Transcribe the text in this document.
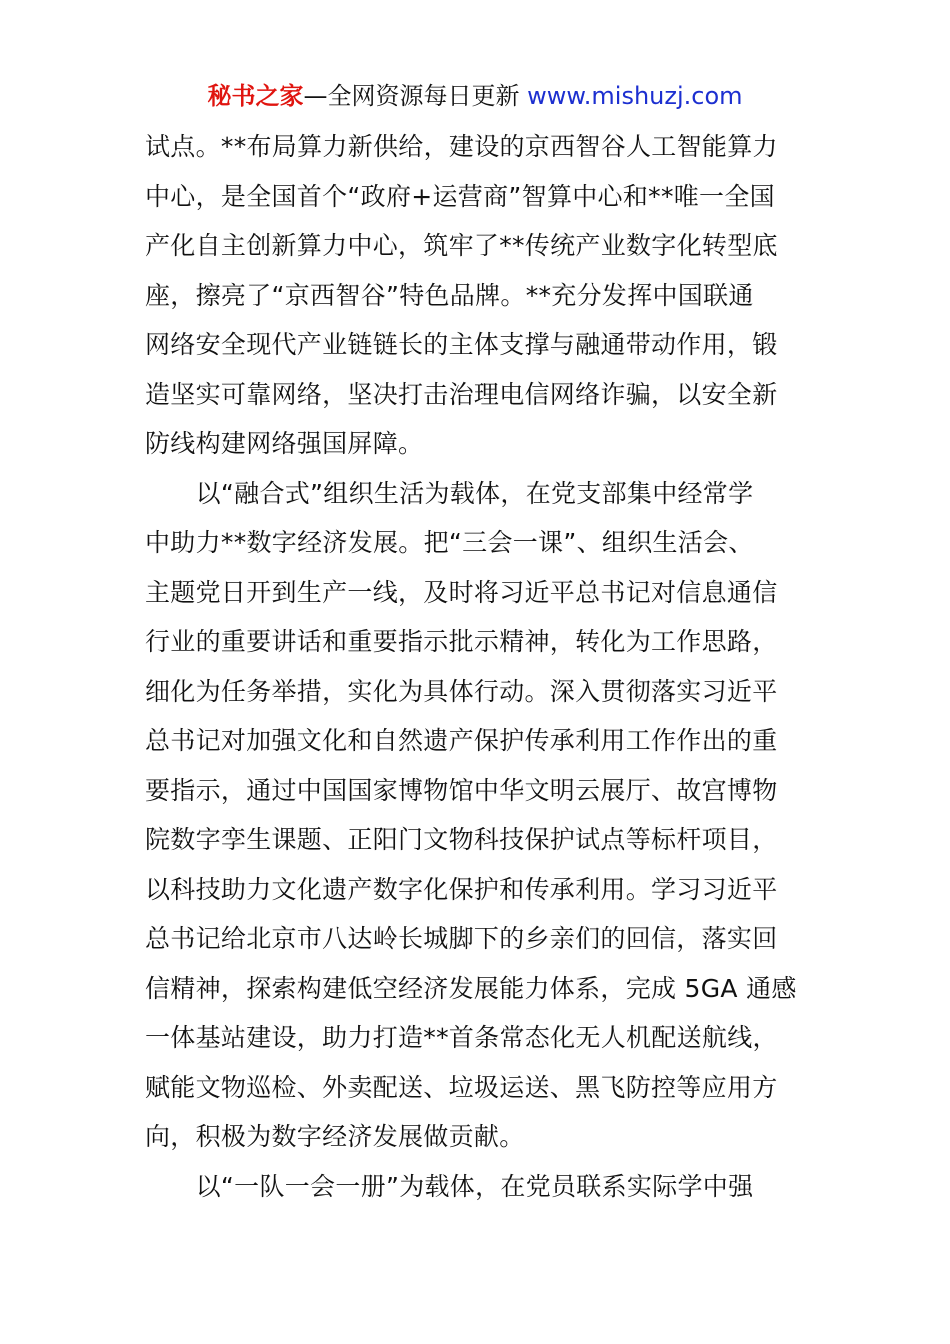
秘书之家—全网资源每日更新 www.mishuzj.com
试点。**布局算力新供给，建设的京西智谷人工智能算力
中心，是全国首个“政府+运营商”智算中心和**唯一全国
产化自主创新算力中心，筑牢了**传统产业数字化转型底
座，擦亮了“京西智谷”特色品牌。**充分发挥中国联通
网络安全现代产业链链长的主体支撑与融通带动作用，锻
造坚实可靠网络，坚决打击治理电信网络诈骗，以安全新
防线构建网络强国屏障。
　　以“融合式”组织生活为载体，在党支部集中经常学
中助力**数字经济发展。把“三会一课”、组织生活会、
主题党日开到生产一线，及时将习近平总书记对信息通信
行业的重要讲话和重要指示批示精神，转化为工作思路，
细化为任务举措，实化为具体行动。深入贯彻落实习近平
总书记对加强文化和自然遗产保护传承利用工作作出的重
要指示，通过中国国家博物馆中华文明云展厅、故宫博物
院数字孪生课题、正阳门文物科技保护试点等标杆项目，
以科技助力文化遗产数字化保护和传承利用。学习习近平
总书记给北京市八达岭长城脚下的乡亲们的回信，落实回
信精神，探索构建低空经济发展能力体系，完成 5GA 通感
一体基站建设，助力打造**首条常态化无人机配送航线，
赋能文物巡检、外卖配送、垃圾运送、黑飞防控等应用方
向，积极为数字经济发展做贡献。
　　以“一队一会一册”为载体，在党员联系实际学中强
